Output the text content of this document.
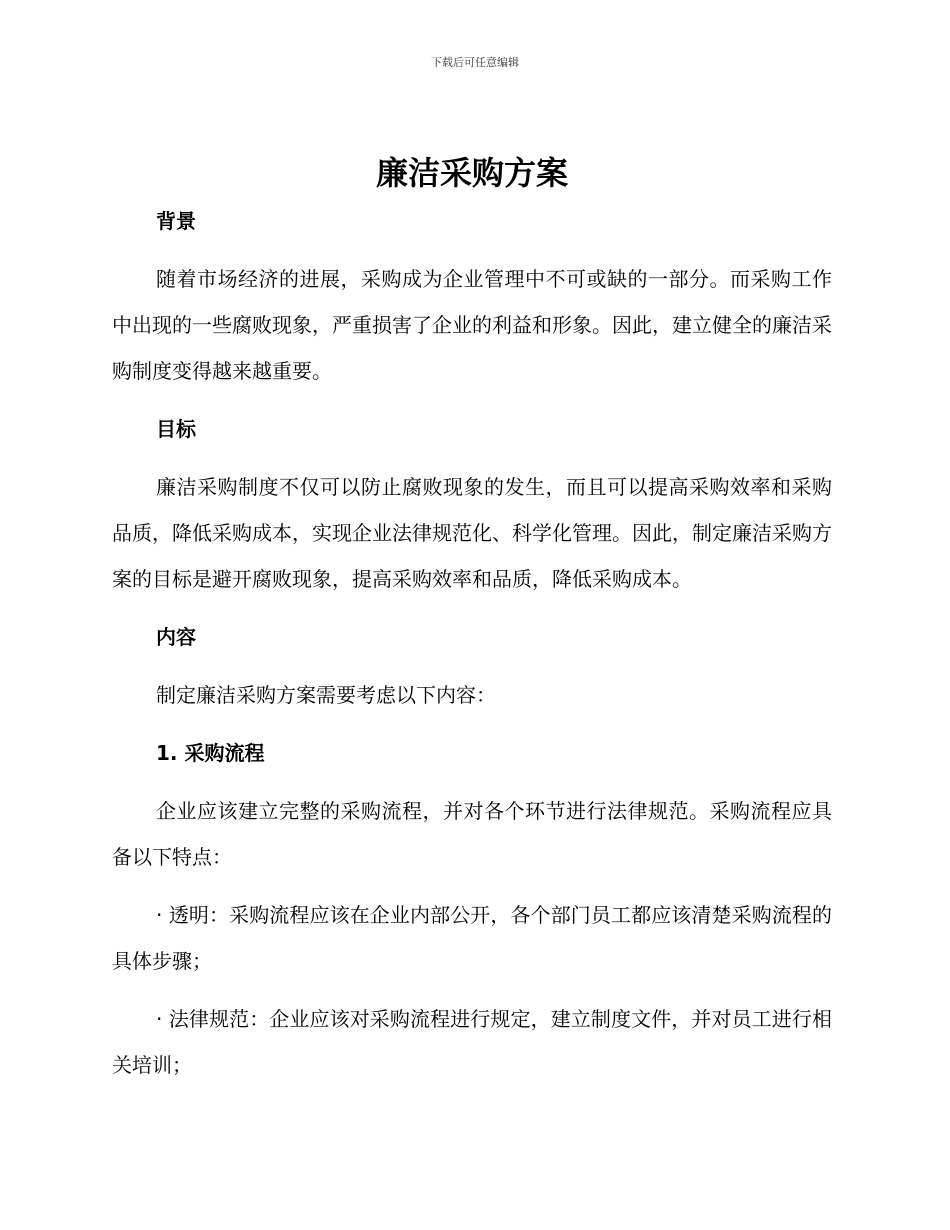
下载后可任意编辑
廉洁采购方案
背景
随着市场经济的进展，采购成为企业管理中不可或缺的一部分。而采购工作中出现的一些腐败现象，严重损害了企业的利益和形象。因此，建立健全的廉洁采购制度变得越来越重要。
目标
廉洁采购制度不仅可以防止腐败现象的发生，而且可以提高采购效率和采购品质，降低采购成本，实现企业法律规范化、科学化管理。因此，制定廉洁采购方案的目标是避开腐败现象，提高采购效率和品质，降低采购成本。
内容
制定廉洁采购方案需要考虑以下内容：
1. 采购流程
企业应该建立完整的采购流程，并对各个环节进行法律规范。采购流程应具备以下特点：
· 透明：采购流程应该在企业内部公开，各个部门员工都应该清楚采购流程的具体步骤；
· 法律规范：企业应该对采购流程进行规定，建立制度文件，并对员工进行相关培训；
